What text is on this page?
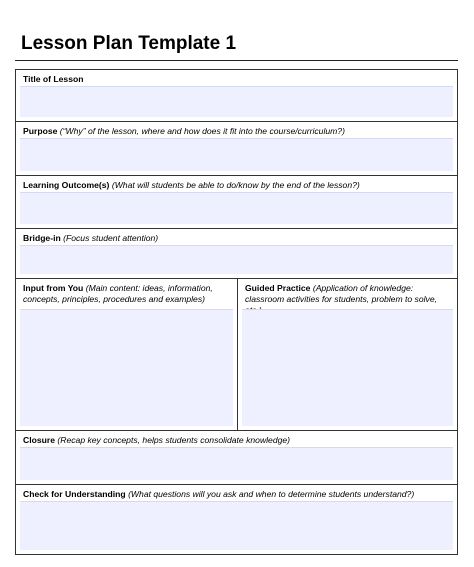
Lesson Plan Template 1
Title of Lesson
Purpose (“Why” of the lesson, where and how does it fit into the course/curriculum?)
Learning Outcome(s) (What will students be able to do/know by the end of the lesson?)
Bridge-in (Focus student attention)
Input from You (Main content: ideas, information, concepts, principles, procedures and examples)
Guided Practice (Application of knowledge: classroom activities for students, problem to solve,
Closure (Recap key concepts, helps students consolidate knowledge)
Check for Understanding (What questions will you ask and when to determine students understand?)
